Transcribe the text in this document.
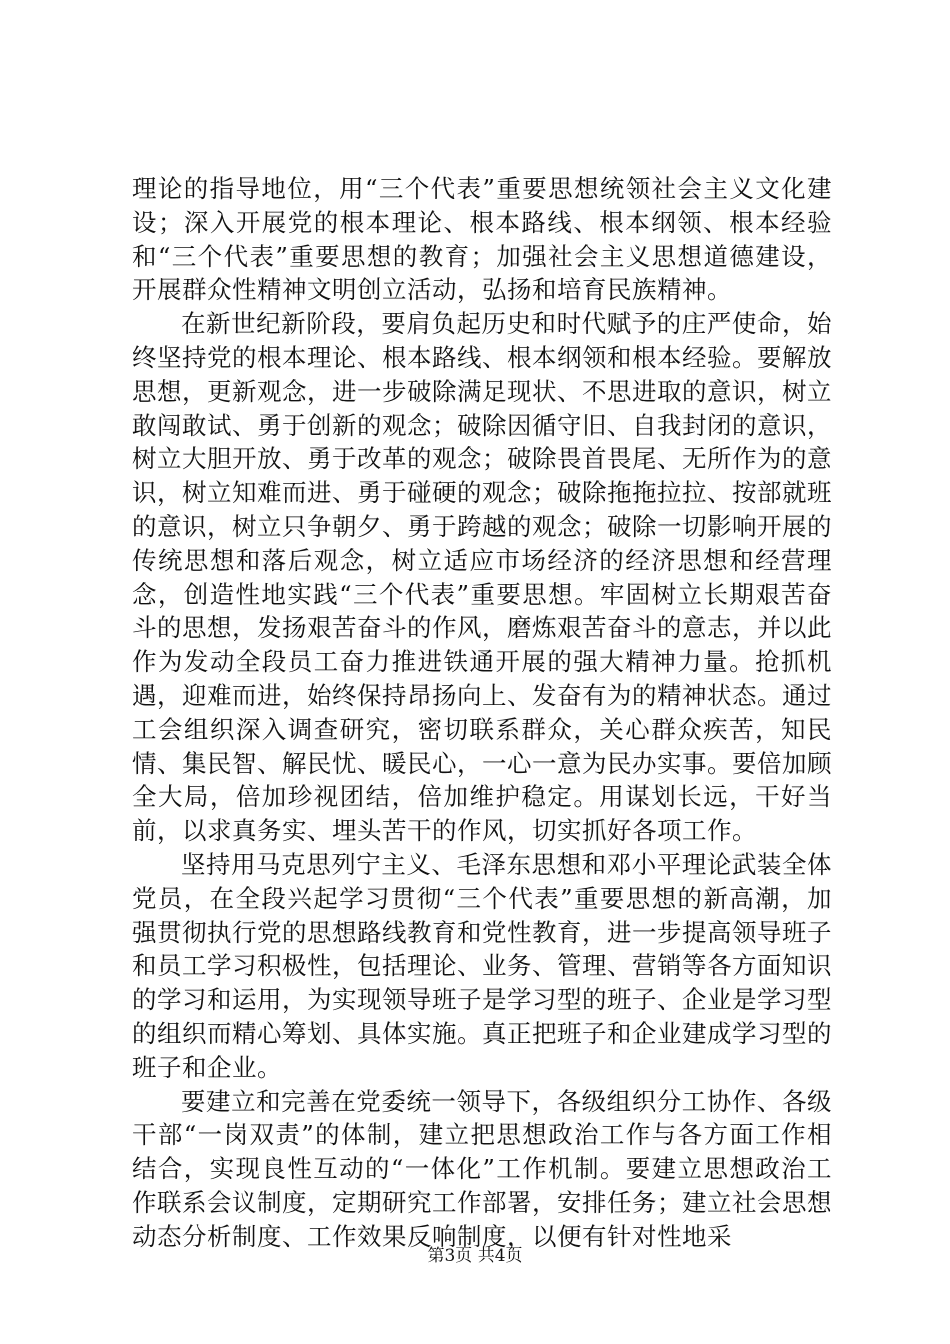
理论的指导地位，用“三个代表”重要思想统领社会主义文化建设；深入开展党的根本理论、根本路线、根本纲领、根本经验和“三个代表”重要思想的教育；加强社会主义思想道德建设，开展群众性精神文明创立活动，弘扬和培育民族精神。

在新世纪新阶段，要肩负起历史和时代赋予的庄严使命，始终坚持党的根本理论、根本路线、根本纲领和根本经验。要解放思想，更新观念，进一步破除满足现状、不思进取的意识，树立敢闯敢试、勇于创新的观念；破除因循守旧、自我封闭的意识，树立大胆开放、勇于改革的观念；破除畏首畏尾、无所作为的意识，树立知难而进、勇于碰硬的观念；破除拖拖拉拉、按部就班的意识，树立只争朝夕、勇于跨越的观念；破除一切影响开展的传统思想和落后观念，树立适应市场经济的经济思想和经营理念，创造性地实践“三个代表”重要思想。牢固树立长期艰苦奋斗的思想，发扬艰苦奋斗的作风，磨炼艰苦奋斗的意志，并以此作为发动全段员工奋力推进铁通开展的强大精神力量。抢抓机遇，迎难而进，始终保持昂扬向上、发奋有为的精神状态。通过工会组织深入调查研究，密切联系群众，关心群众疾苦，知民情、集民智、解民忧、暖民心，一心一意为民办实事。要倍加顾全大局，倍加珍视团结，倍加维护稳定。用谋划长远，干好当前，以求真务实、埋头苦干的作风，切实抓好各项工作。

坚持用马克思列宁主义、毛泽东思想和邓小平理论武装全体党员，在全段兴起学习贯彻“三个代表”重要思想的新高潮，加强贯彻执行党的思想路线教育和党性教育，进一步提高领导班子和员工学习积极性，包括理论、业务、管理、营销等各方面知识的学习和运用，为实现领导班子是学习型的班子、企业是学习型的组织而精心筹划、具体实施。真正把班子和企业建成学习型的班子和企业。

要建立和完善在党委统一领导下，各级组织分工协作、各级干部“一岗双责”的体制，建立把思想政治工作与各方面工作相结合，实现良性互动的“一体化”工作机制。要建立思想政治工作联系会议制度，定期研究工作部署，安排任务；建立社会思想动态分析制度、工作效果反响制度，以便有针对性地采

第3页 共4页
